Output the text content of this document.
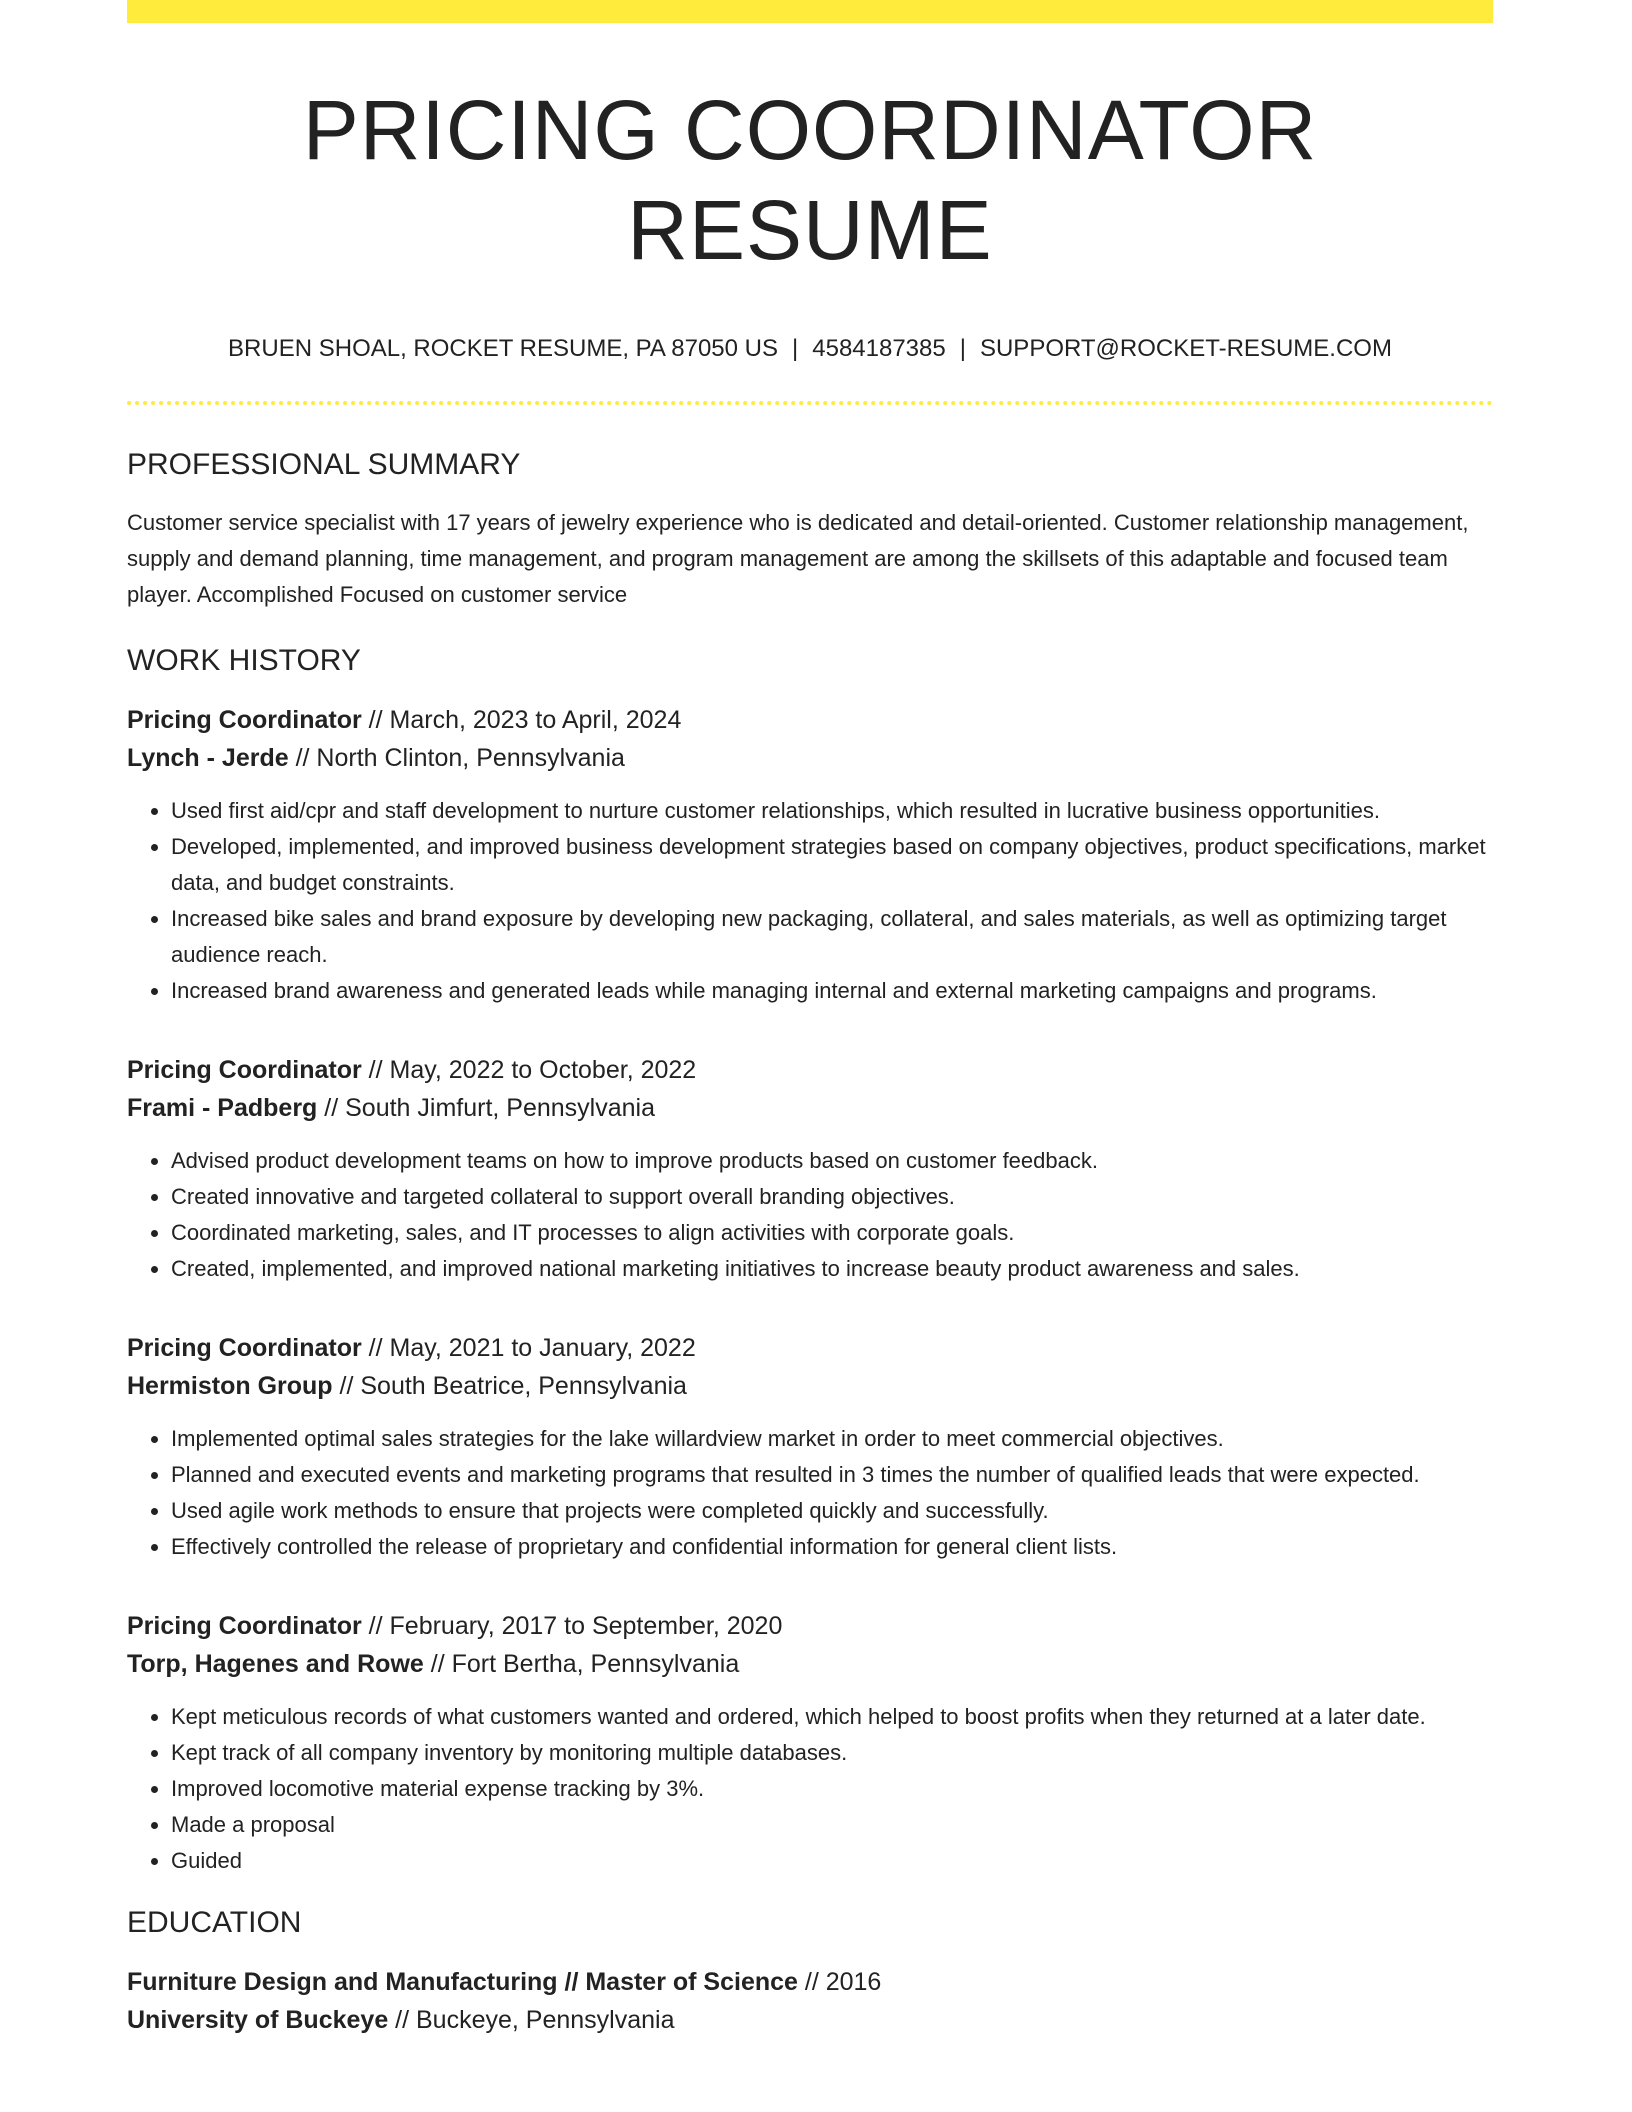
PRICING COORDINATOR RESUME
BRUEN SHOAL, ROCKET RESUME, PA 87050 US | 4584187385 | SUPPORT@ROCKET-RESUME.COM
PROFESSIONAL SUMMARY
Customer service specialist with 17 years of jewelry experience who is dedicated and detail-oriented. Customer relationship management, supply and demand planning, time management, and program management are among the skillsets of this adaptable and focused team player. Accomplished Focused on customer service
WORK HISTORY
Pricing Coordinator // March, 2023 to April, 2024
Lynch - Jerde // North Clinton, Pennsylvania
• Used first aid/cpr and staff development to nurture customer relationships, which resulted in lucrative business opportunities.
• Developed, implemented, and improved business development strategies based on company objectives, product specifications, market data, and budget constraints.
• Increased bike sales and brand exposure by developing new packaging, collateral, and sales materials, as well as optimizing target audience reach.
• Increased brand awareness and generated leads while managing internal and external marketing campaigns and programs.
Pricing Coordinator // May, 2022 to October, 2022
Frami - Padberg // South Jimfurt, Pennsylvania
• Advised product development teams on how to improve products based on customer feedback.
• Created innovative and targeted collateral to support overall branding objectives.
• Coordinated marketing, sales, and IT processes to align activities with corporate goals.
• Created, implemented, and improved national marketing initiatives to increase beauty product awareness and sales.
Pricing Coordinator // May, 2021 to January, 2022
Hermiston Group // South Beatrice, Pennsylvania
• Implemented optimal sales strategies for the lake willardview market in order to meet commercial objectives.
• Planned and executed events and marketing programs that resulted in 3 times the number of qualified leads that were expected.
• Used agile work methods to ensure that projects were completed quickly and successfully.
• Effectively controlled the release of proprietary and confidential information for general client lists.
Pricing Coordinator // February, 2017 to September, 2020
Torp, Hagenes and Rowe // Fort Bertha, Pennsylvania
• Kept meticulous records of what customers wanted and ordered, which helped to boost profits when they returned at a later date.
• Kept track of all company inventory by monitoring multiple databases.
• Improved locomotive material expense tracking by 3%.
• Made a proposal
• Guided
EDUCATION
Furniture Design and Manufacturing // Master of Science // 2016
University of Buckeye // Buckeye, Pennsylvania
